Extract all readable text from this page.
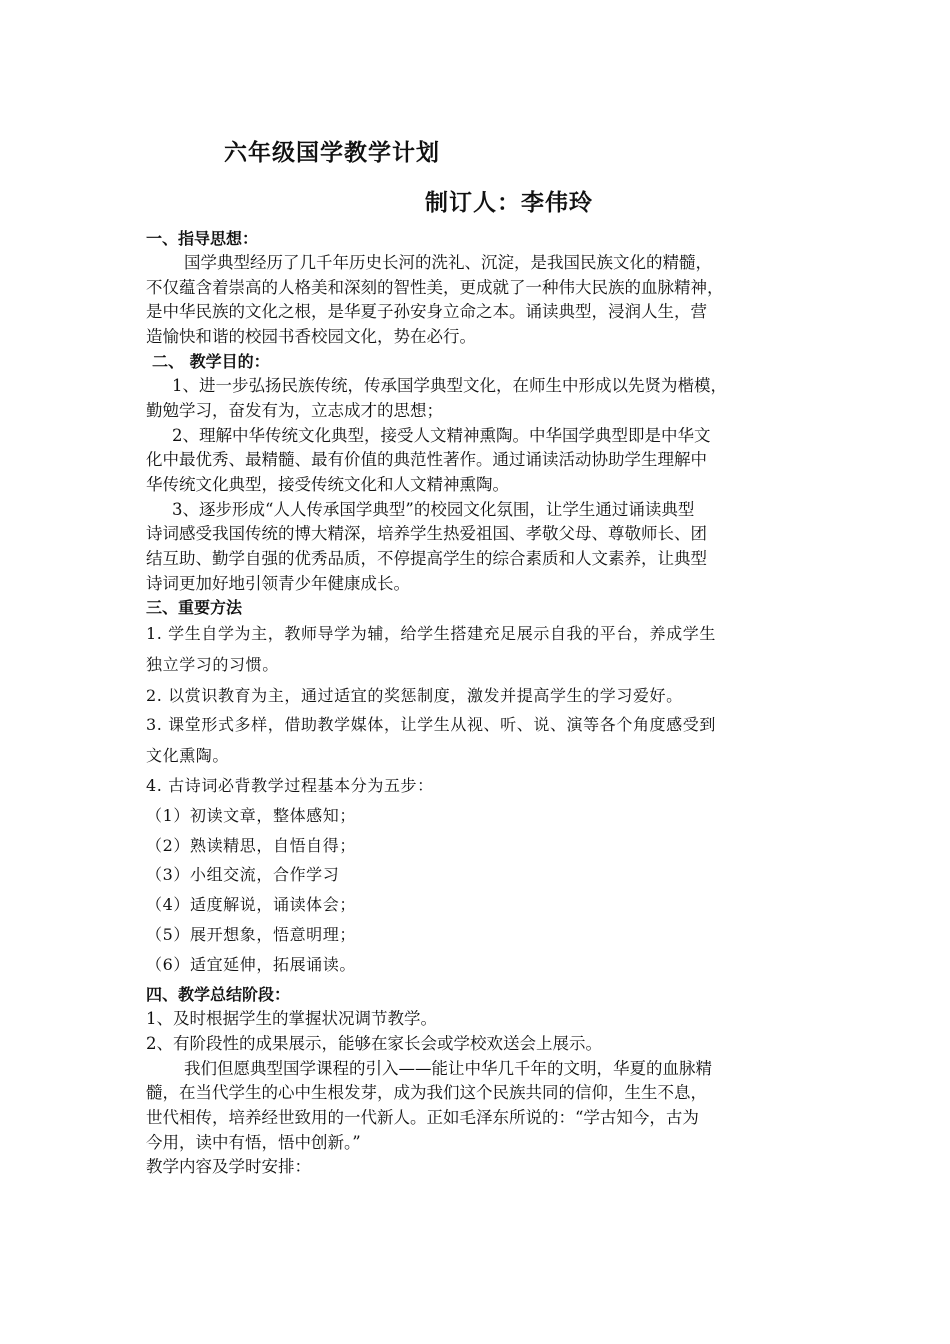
六年级国学教学计划
制订人：李伟玲
一、指导思想：
国学典型经历了几千年历史长河的洗礼、沉淀，是我国民族文化的精髓，
不仅蕴含着崇高的人格美和深刻的智性美，更成就了一种伟大民族的血脉精神，
是中华民族的文化之根，是华夏子孙安身立命之本。诵读典型，浸润人生，营
造愉快和谐的校园书香校园文化，势在必行。
二、 教学目的：
1、进一步弘扬民族传统，传承国学典型文化，在师生中形成以先贤为楷模，
勤勉学习，奋发有为，立志成才的思想；
2、理解中华传统文化典型，接受人文精神熏陶。中华国学典型即是中华文
化中最优秀、最精髓、最有价值的典范性著作。通过诵读活动协助学生理解中
华传统文化典型，接受传统文化和人文精神熏陶。
3、逐步形成“人人传承国学典型”的校园文化氛围，让学生通过诵读典型
诗词感受我国传统的博大精深，培养学生热爱祖国、孝敬父母、尊敬师长、团
结互助、勤学自强的优秀品质，不停提高学生的综合素质和人文素养，让典型
诗词更加好地引领青少年健康成长。
三、重要方法
1. 学生自学为主，教师导学为辅，给学生搭建充足展示自我的平台，养成学生
独立学习的习惯。
2. 以赏识教育为主，通过适宜的奖惩制度，激发并提高学生的学习爱好。
3. 课堂形式多样，借助教学媒体，让学生从视、听、说、演等各个角度感受到
文化熏陶。
4. 古诗词必背教学过程基本分为五步：
（1）初读文章，整体感知；
（2）熟读精思，自悟自得；
（3）小组交流，合作学习
（4）适度解说，诵读体会；
（5）展开想象，悟意明理；
（6）适宜延伸，拓展诵读。
四、教学总结阶段：
1、及时根据学生的掌握状况调节教学。
2、有阶段性的成果展示，能够在家长会或学校欢送会上展示。
我们但愿典型国学课程的引入——能让中华几千年的文明，华夏的血脉精
髓，在当代学生的心中生根发芽，成为我们这个民族共同的信仰，生生不息，
世代相传，培养经世致用的一代新人。正如毛泽东所说的：“学古知今，古为
今用，读中有悟，悟中创新。”
教学内容及学时安排：
